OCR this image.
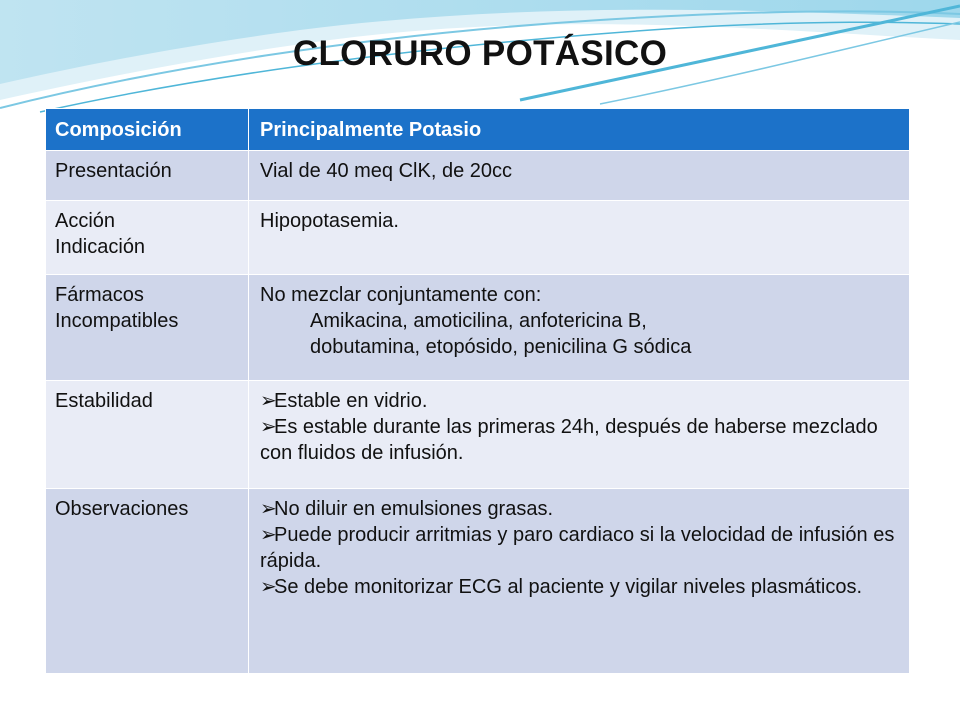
CLORURO POTÁSICO
Composición	Principalmente Potasio
Presentación	Vial de 40 meq ClK, de 20cc

Acción
Indicación	Hipopotasemia.

Fármacos
Incompatibles	No mezclar conjuntamente con:
Amikacina, amoticilina, anfotericina B,
dobutamina, etopósido, penicilina G sódica

Estabilidad	➢Estable en vidrio.
➢Es estable durante las primeras 24h, después de haberse mezclado con fluidos de infusión.

Observaciones	➢No diluir en emulsiones grasas.
➢Puede producir arritmias y paro cardiaco si la velocidad de infusión es rápida.
➢Se debe monitorizar ECG al paciente y vigilar niveles plasmáticos.
